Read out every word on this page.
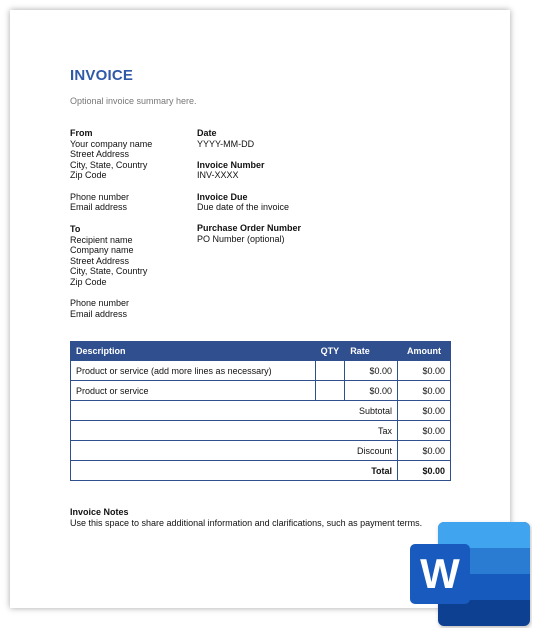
INVOICE
Optional invoice summary here.
From
Your company name
Street Address
City, State, Country
Zip Code
Phone number
Email address
To
Recipient name
Company name
Street Address
City, State, Country
Zip Code
Phone number
Email address
Date
YYYY-MM-DD
Invoice Number
INV-XXXX
Invoice Due
Due date of the invoice
Purchase Order Number
PO Number (optional)
Description	QTY	Rate	Amount
Product or service (add more lines as necessary)		$0.00	$0.00
Product or service		$0.00	$0.00
Subtotal			$0.00
Tax			$0.00
Discount			$0.00
Total			$0.00
Invoice Notes
Use this space to share additional information and clarifications, such as payment terms.
W
